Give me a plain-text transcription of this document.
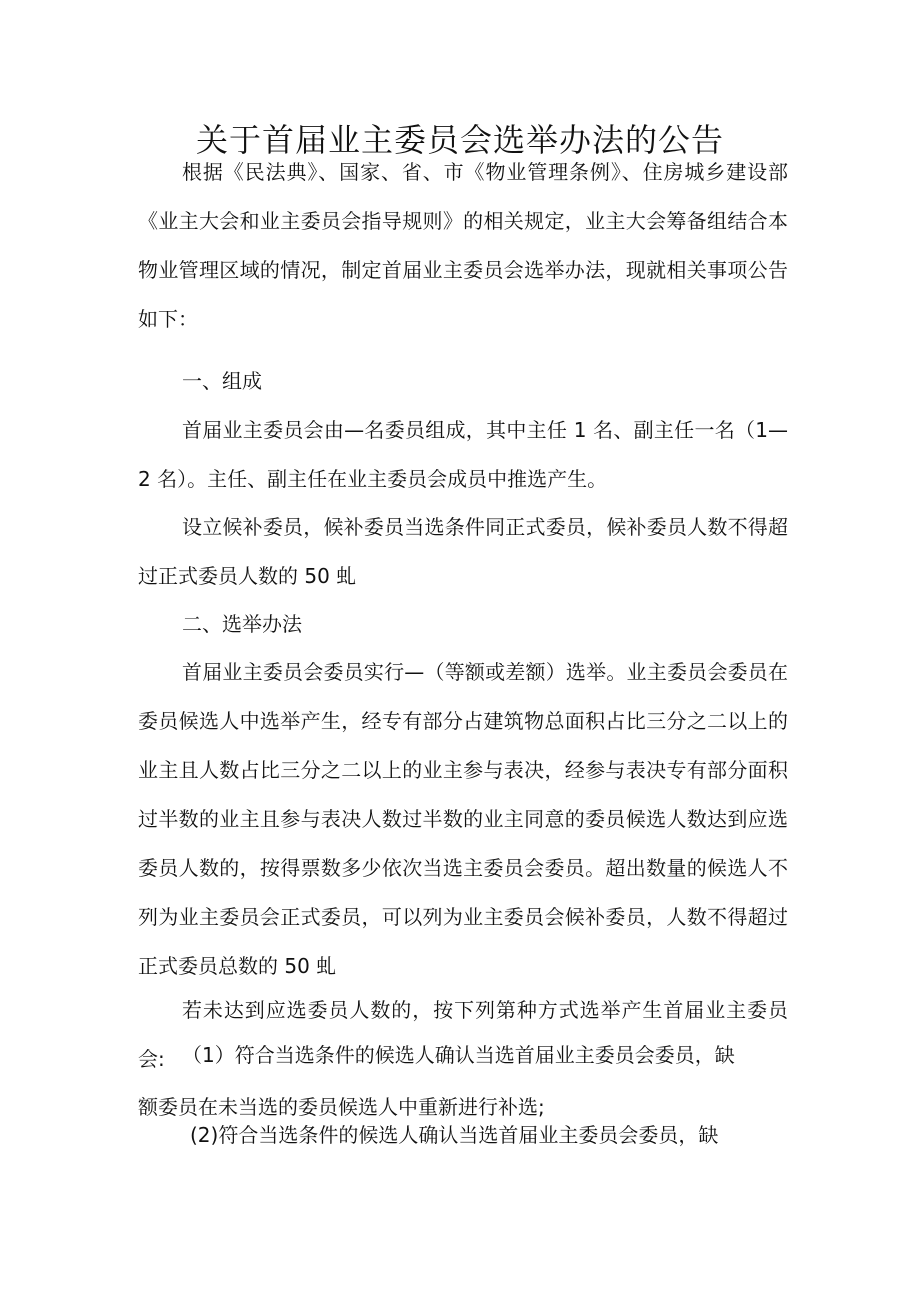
关于首届业主委员会选举办法的公告

根据《民法典》、国家、省、市《物业管理条例》、住房城乡建设部《业主大会和业主委员会指导规则》的相关规定，业主大会筹备组结合本物业管理区域的情况，制定首届业主委员会选举办法，现就相关事项公告如下：

一、组成

首届业主委员会由—名委员组成，其中主任 1 名、副主任一名（1—2 名）。主任、副主任在业主委员会成员中推选产生。

设立候补委员，候补委员当选条件同正式委员，候补委员人数不得超过正式委员人数的 50 虬

二、选举办法

首届业主委员会委员实行—（等额或差额）选举。业主委员会委员在委员候选人中选举产生，经专有部分占建筑物总面积占比三分之二以上的业主且人数占比三分之二以上的业主参与表决，经参与表决专有部分面积过半数的业主且参与表决人数过半数的业主同意的委员候选人数达到应选委员人数的，按得票数多少依次当选主委员会委员。超出数量的候选人不列为业主委员会正式委员，可以列为业主委员会候补委员，人数不得超过正式委员总数的 50 虬

若未达到应选委员人数的，按下列第种方式选举产生首届业主委员会: （1）符合当选条件的候选人确认当选首届业主委员会委员，缺

额委员在未当选的委员候选人中重新进行补选;

(2)符合当选条件的候选人确认当选首届业主委员会委员，缺
